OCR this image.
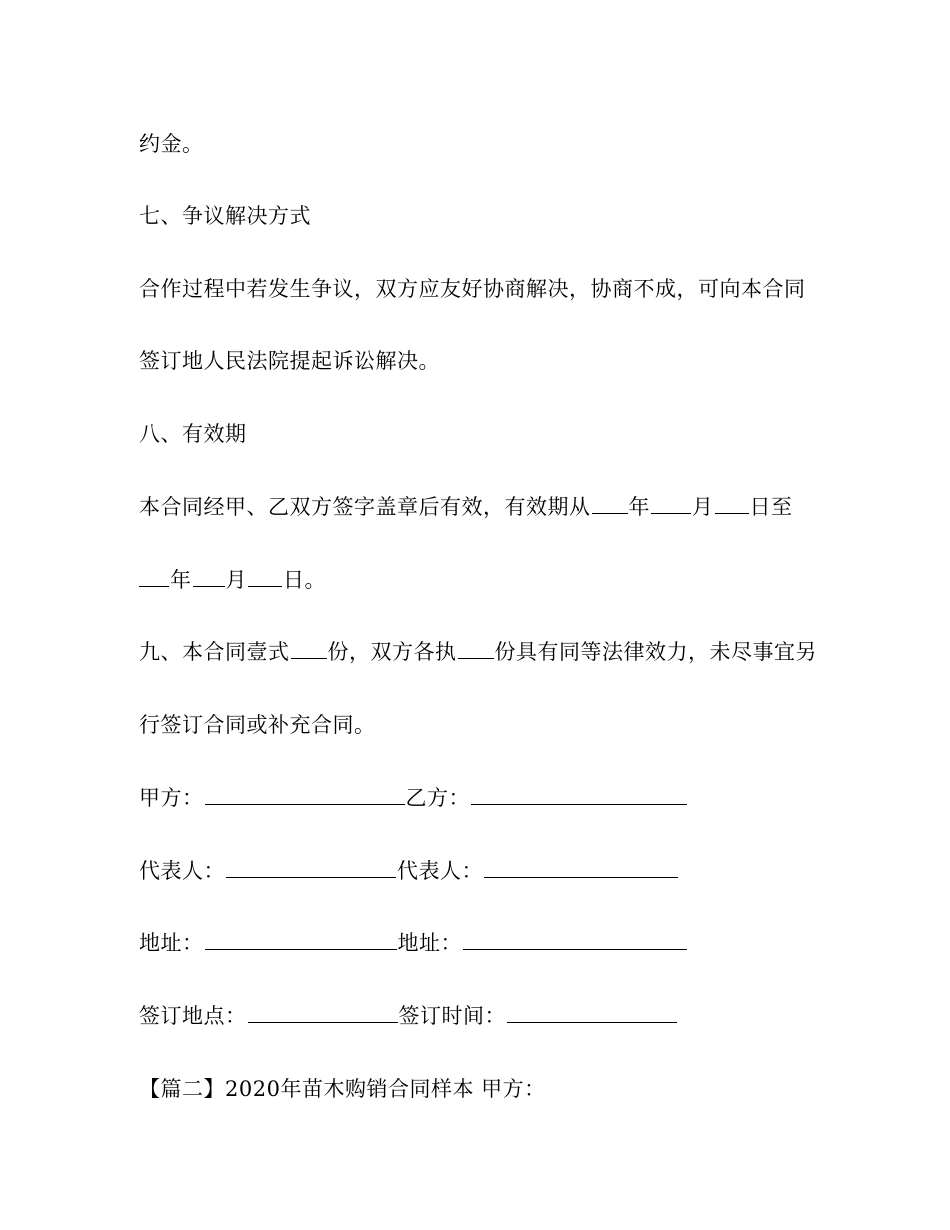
约金。
七、争议解决方式
合作过程中若发生争议，双方应友好协商解决，协商不成，可向本合同
签订地人民法院提起诉讼解决。
八、有效期
本合同经甲、乙双方签字盖章后有效，有效期从 年 月 日至
年 月 日。
九、本合同壹式 份，双方各执 份具有同等法律效力，未尽事宜另
行签订合同或补充合同。
甲方：	乙方：
代表人：	代表人：
地址：	地址：
签订地点：	签订时间：
【篇二】2020年苗木购销合同样本 甲方：
